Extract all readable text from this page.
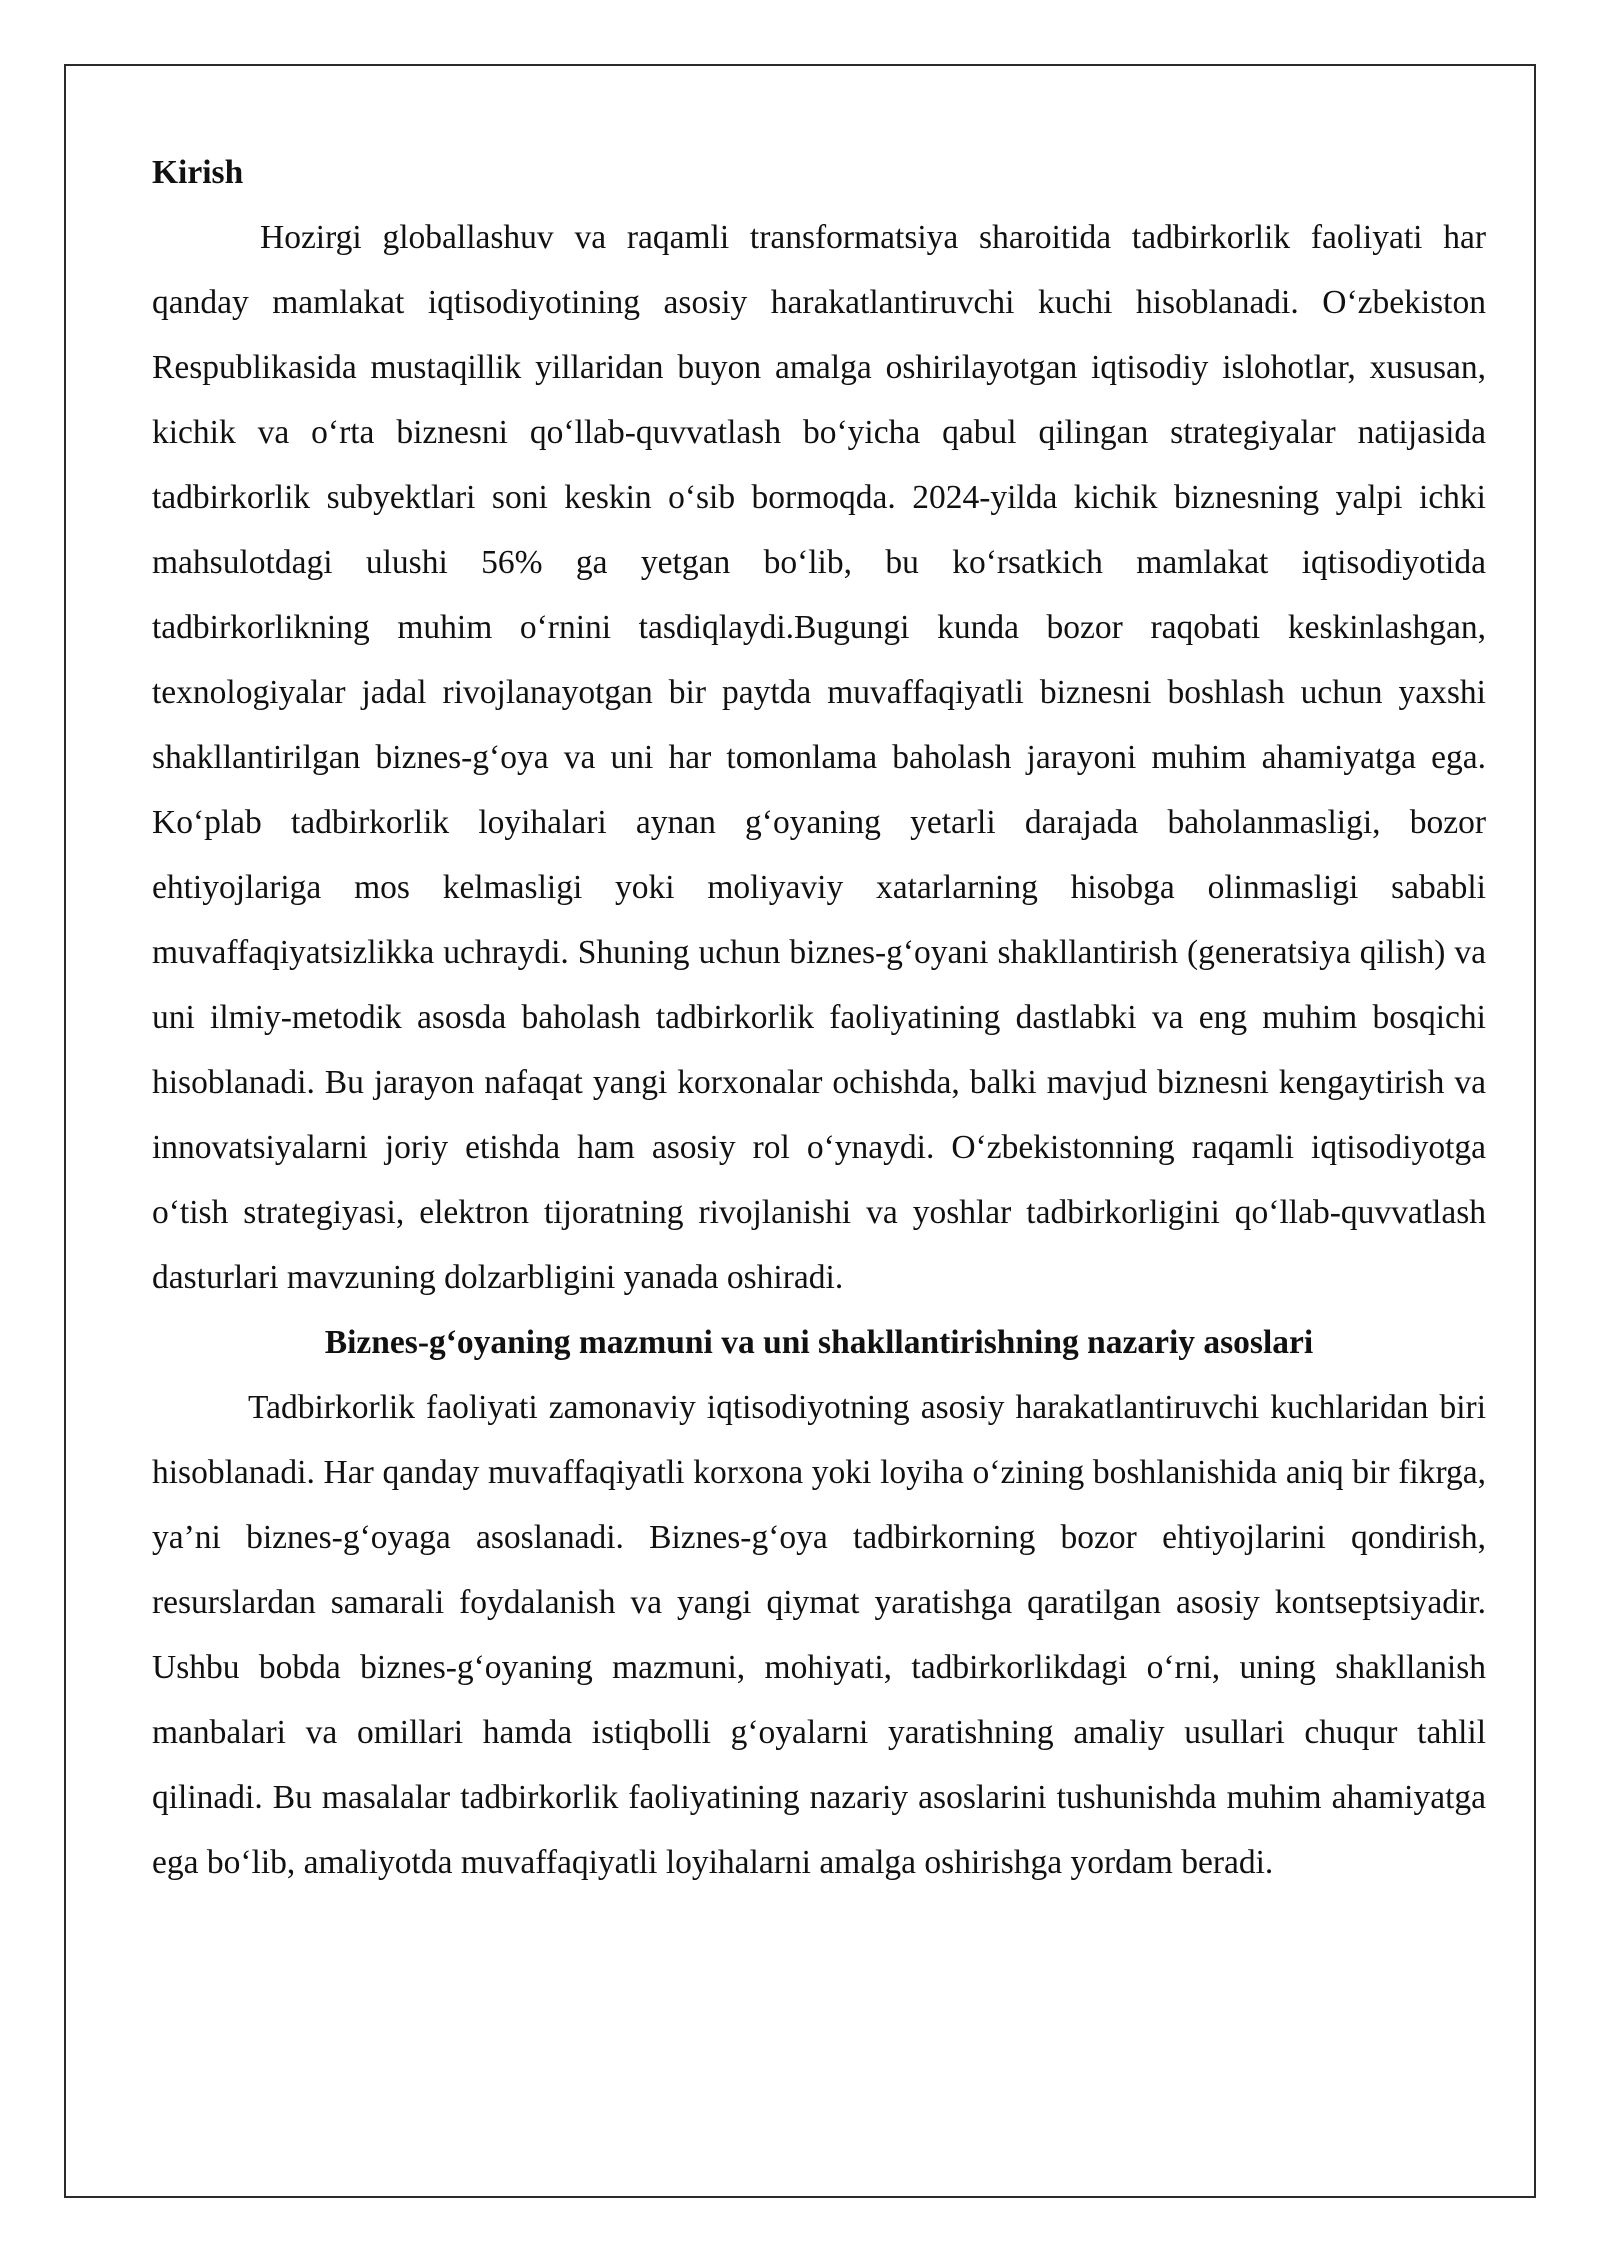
Kirish

Hozirgi globallashuv va raqamli transformatsiya sharoitida tadbirkorlik faoliyati har qanday mamlakat iqtisodiyotining asosiy harakatlantiruvchi kuchi hisoblanadi. O‘zbekiston Respublikasida mustaqillik yillaridan buyon amalga oshirilayotgan iqtisodiy islohotlar, xususan, kichik va o‘rta biznesni qo‘llab-quvvatlash bo‘yicha qabul qilingan strategiyalar natijasida tadbirkorlik subyektlari soni keskin o‘sib bormoqda. 2024-yilda kichik biznesning yalpi ichki mahsulotdagi ulushi 56% ga yetgan bo‘lib, bu ko‘rsatkich mamlakat iqtisodiyotida tadbirkorlikning muhim o‘rnini tasdiqlaydi.Bugungi kunda bozor raqobati keskinlashgan, texnologiyalar jadal rivojlanayotgan bir paytda muvaffaqiyatli biznesni boshlash uchun yaxshi shakllantirilgan biznes-g‘oya va uni har tomonlama baholash jarayoni muhim ahamiyatga ega. Ko‘plab tadbirkorlik loyihalari aynan g‘oyaning yetarli darajada baholanmasligi, bozor ehtiyojlariga mos kelmasligi yoki moliyaviy xatarlarning hisobga olinmasligi sababli muvaffaqiyatsizlikka uchraydi. Shuning uchun biznes-g‘oyani shakllantirish (generatsiya qilish) va uni ilmiy-metodik asosda baholash tadbirkorlik faoliyatining dastlabki va eng muhim bosqichi hisoblanadi. Bu jarayon nafaqat yangi korxonalar ochishda, balki mavjud biznesni kengaytirish va innovatsiyalarni joriy etishda ham asosiy rol o‘ynaydi. O‘zbekistonning raqamli iqtisodiyotga o‘tish strategiyasi, elektron tijoratning rivojlanishi va yoshlar tadbirkorligini qo‘llab-quvvatlash dasturlari mavzuning dolzarbligini yanada oshiradi.

Biznes-g‘oyaning mazmuni va uni shakllantirishning nazariy asoslari

Tadbirkorlik faoliyati zamonaviy iqtisodiyotning asosiy harakatlantiruvchi kuchlaridan biri hisoblanadi. Har qanday muvaffaqiyatli korxona yoki loyiha o‘zining boshlanishida aniq bir fikrga, ya’ni biznes-g‘oyaga asoslanadi. Biznes-g‘oya tadbirkorning bozor ehtiyojlarini qondirish, resurslardan samarali foydalanish va yangi qiymat yaratishga qaratilgan asosiy kontseptsiyadir. Ushbu bobda biznes-g‘oyaning mazmuni, mohiyati, tadbirkorlikdagi o‘rni, uning shakllanish manbalari va omillari hamda istiqbolli g‘oyalarni yaratishning amaliy usullari chuqur tahlil qilinadi. Bu masalalar tadbirkorlik faoliyatining nazariy asoslarini tushunishda muhim ahamiyatga ega bo‘lib, amaliyotda muvaffaqiyatli loyihalarni amalga oshirishga yordam beradi.
